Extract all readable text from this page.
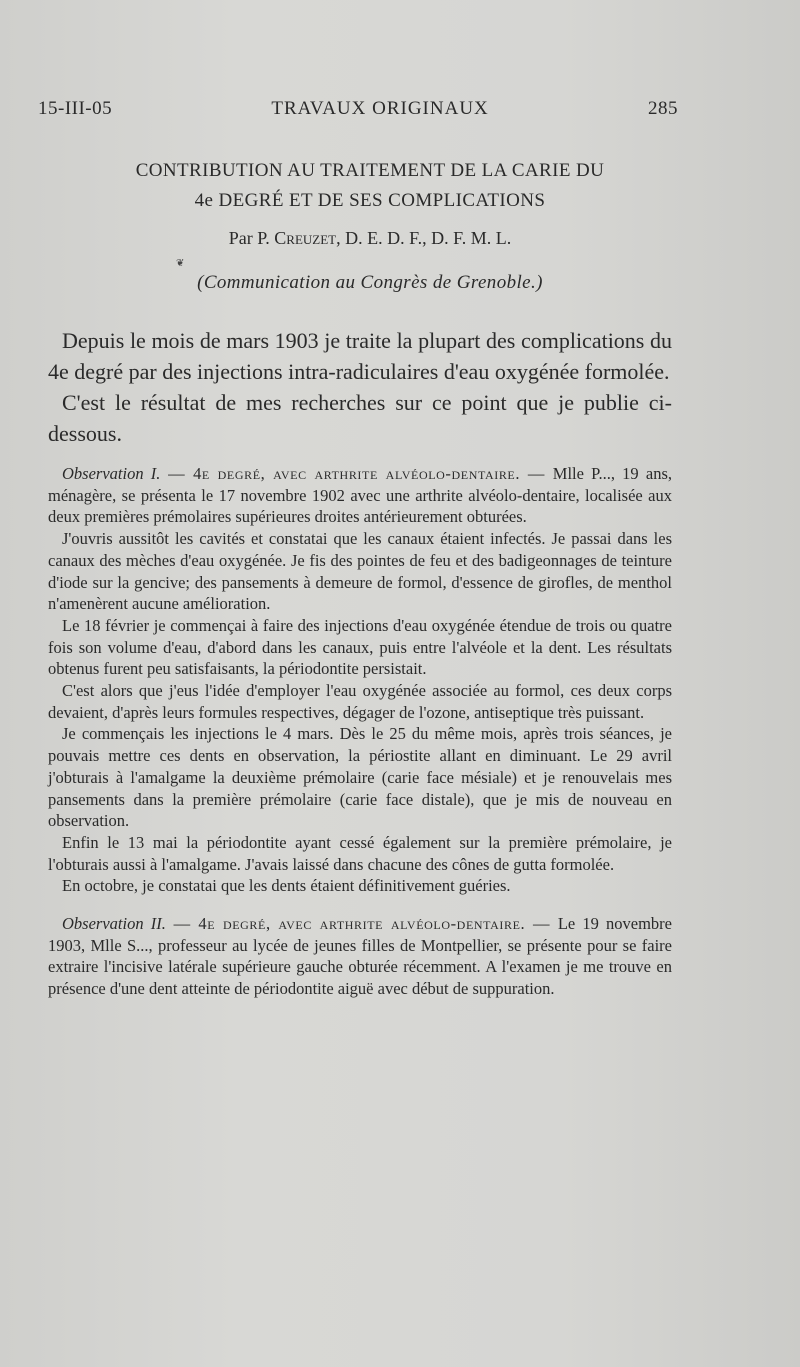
15-III-05	TRAVAUX ORIGINAUX	285
CONTRIBUTION AU TRAITEMENT DE LA CARIE DU
4e DEGRÉ ET DE SES COMPLICATIONS
Par P. Creuzet, D. E. D. F., D. F. M. L.
❦
(Communication au Congrès de Grenoble.)

Depuis le mois de mars 1903 je traite la plupart des complications du 4e degré par des injections intra-radiculaires d'eau oxygénée formolée.

C'est le résultat de mes recherches sur ce point que je publie ci-dessous.

Observation I. — 4e degré, avec arthrite alvéolo-dentaire. — Mlle P..., 19 ans, ménagère, se présenta le 17 novembre 1902 avec une arthrite alvéolo-dentaire, localisée aux deux premières prémolaires supérieures droites antérieurement obturées.

J'ouvris aussitôt les cavités et constatai que les canaux étaient infectés. Je passai dans les canaux des mèches d'eau oxygénée. Je fis des pointes de feu et des badigeonnages de teinture d'iode sur la gencive; des pansements à demeure de formol, d'essence de girofles, de menthol n'amenèrent aucune amélioration.

Le 18 février je commençai à faire des injections d'eau oxygénée étendue de trois ou quatre fois son volume d'eau, d'abord dans les canaux, puis entre l'alvéole et la dent. Les résultats obtenus furent peu satisfaisants, la périodontite persistait.

C'est alors que j'eus l'idée d'employer l'eau oxygénée associée au formol, ces deux corps devaient, d'après leurs formules respectives, dégager de l'ozone, antiseptique très puissant.

Je commençais les injections le 4 mars. Dès le 25 du même mois, après trois séances, je pouvais mettre ces dents en observation, la périostite allant en diminuant. Le 29 avril j'obturais à l'amalgame la deuxième prémolaire (carie face mésiale) et je renouvelais mes pansements dans la première prémolaire (carie face distale), que je mis de nouveau en observation.

Enfin le 13 mai la périodontite ayant cessé également sur la première prémolaire, je l'obturais aussi à l'amalgame. J'avais laissé dans chacune des cônes de gutta formolée.

En octobre, je constatai que les dents étaient définitivement guéries.

Observation II. — 4e degré, avec arthrite alvéolo-dentaire. — Le 19 novembre 1903, Mlle S..., professeur au lycée de jeunes filles de Montpellier, se présente pour se faire extraire l'incisive latérale supérieure gauche obturée récemment. A l'examen je me trouve en présence d'une dent atteinte de périodontite aiguë avec début de suppuration.
